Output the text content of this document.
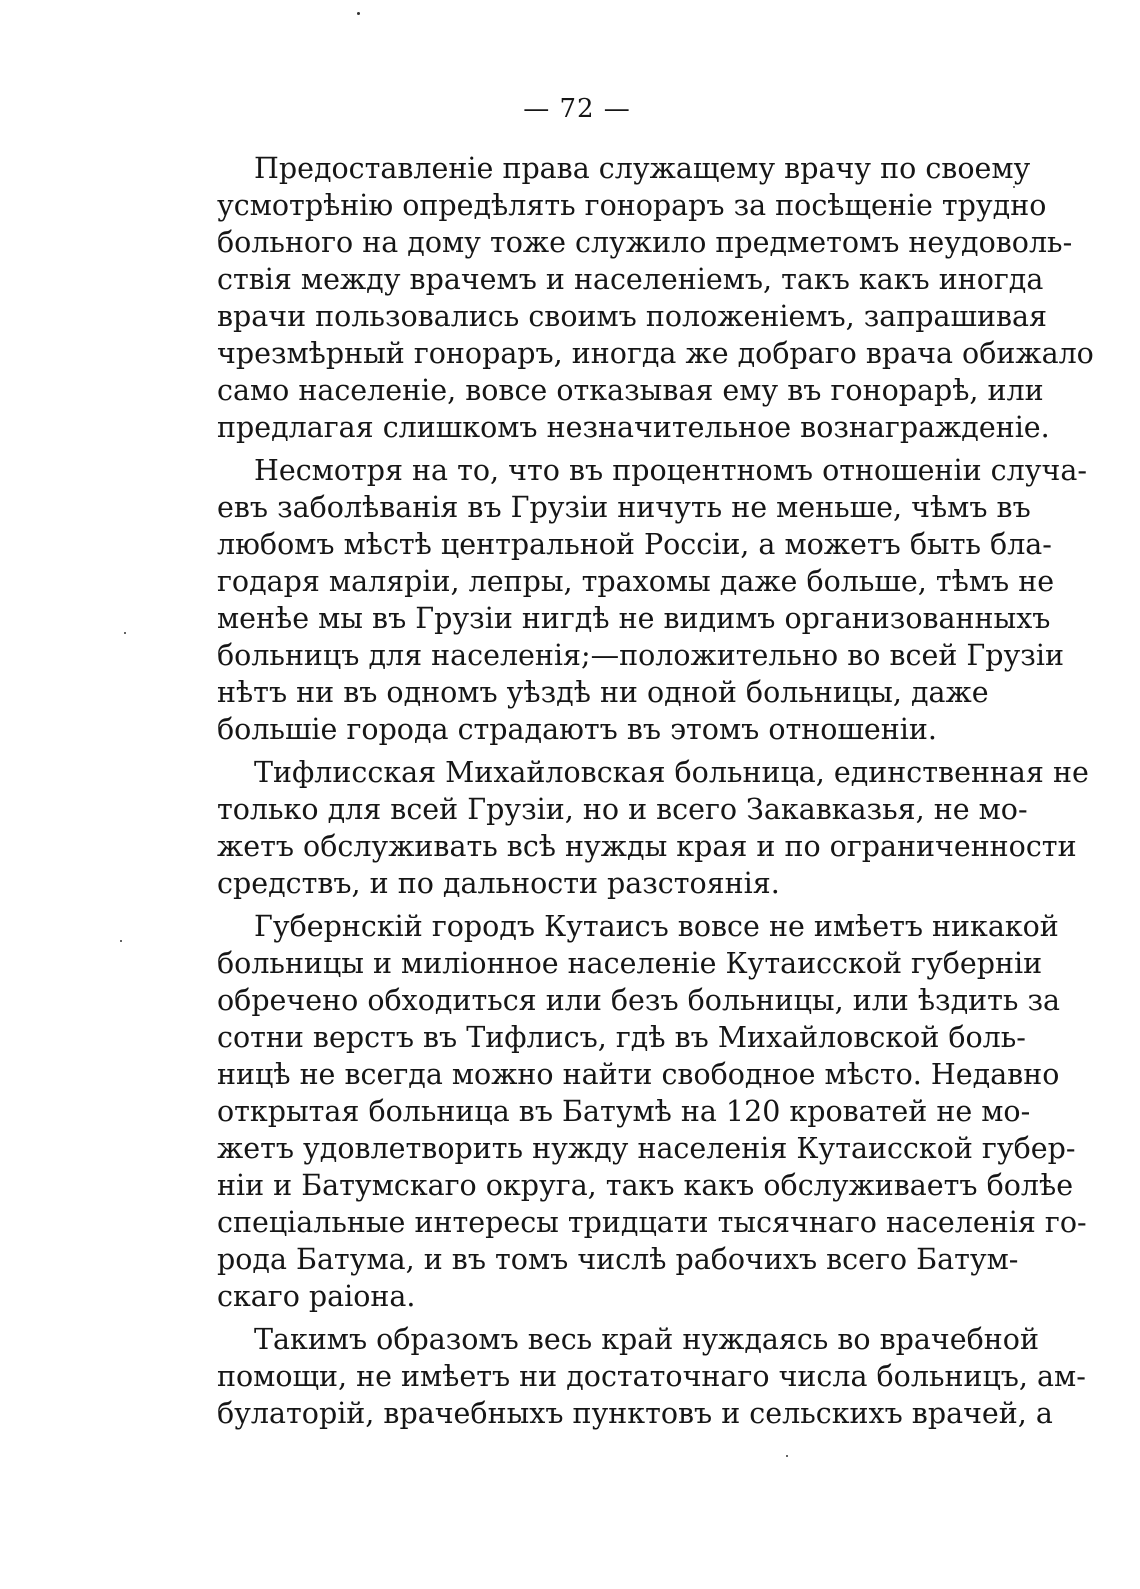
— 72 —
Предоставленіе права служащему врачу по своему
усмотрѣнію опредѣлять гонораръ за посѣщеніе трудно
больного на дому тоже служило предметомъ неудоволь-
ствія между врачемъ и населеніемъ, такъ какъ иногда
врачи пользовались своимъ положеніемъ, запрашивая
чрезмѣрный гонораръ, иногда же добраго врача обижало
само населеніе, вовсе отказывая ему въ гонорарѣ, или
предлагая слишкомъ незначительное вознагражденіе.
Несмотря на то, что въ процентномъ отношеніи случа-
евъ заболѣванія въ Грузіи ничуть не меньше, чѣмъ въ
любомъ мѣстѣ центральной Россіи, а можетъ быть бла-
годаря маляріи, лепры, трахомы даже больше, тѣмъ не
менѣе мы въ Грузіи нигдѣ не видимъ организованныхъ
больницъ для населенія;—положительно во всей Грузіи
нѣтъ ни въ одномъ уѣздѣ ни одной больницы, даже
большіе города страдаютъ въ этомъ отношеніи.
Тифлисская Михайловская больница, единственная не
только для всей Грузіи, но и всего Закавказья, не мо-
жетъ обслуживать всѣ нужды края и по ограниченности
средствъ, и по дальности разстоянія.
Губернскій городъ Кутаисъ вовсе не имѣетъ никакой
больницы и миліонное населеніе Кутаисской губерніи
обречено обходиться или безъ больницы, или ѣздить за
сотни верстъ въ Тифлисъ, гдѣ въ Михайловской боль-
ницѣ не всегда можно найти свободное мѣсто. Недавно
открытая больница въ Батумѣ на 120 кроватей не мо-
жетъ удовлетворить нужду населенія Кутаисской губер-
ніи и Батумскаго округа, такъ какъ обслуживаетъ болѣе
спеціальные интересы тридцати тысячнаго населенія го-
рода Батума, и въ томъ числѣ рабочихъ всего Батум-
скаго раіона.
Такимъ образомъ весь край нуждаясь во врачебной
помощи, не имѣетъ ни достаточнаго числа больницъ, ам-
булаторій, врачебныхъ пунктовъ и сельскихъ врачей, а
